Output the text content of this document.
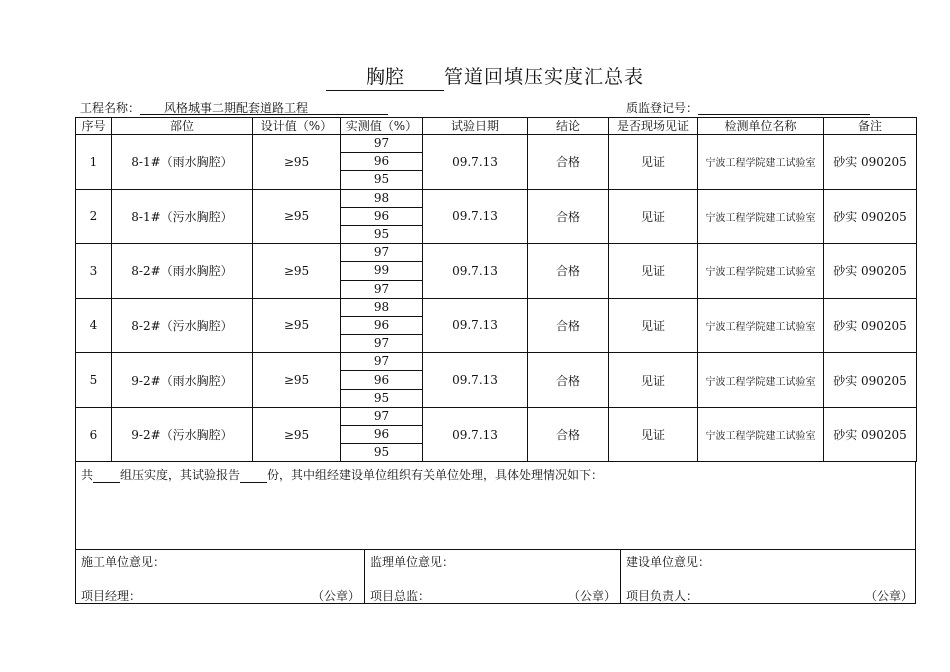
胸腔	管道回填压实度汇总表
工程名称： 风格城事二期配套道路工程	质监登记号：
序号	部位	设计值（%）	实测值（%）	试验日期	结论	是否现场见证	检测单位名称	备注
1	8-1#（雨水胸腔）	≥95	97	09.7.13	合格	见证	宁波工程学院建工试验室	砂实 090205
			96					
			95					
2	8-1#（污水胸腔）	≥95	98	09.7.13	合格	见证	宁波工程学院建工试验室	砂实 090205
			96					
			95					
3	8-2#（雨水胸腔）	≥95	97	09.7.13	合格	见证	宁波工程学院建工试验室	砂实 090205
			99					
			97					
4	8-2#（污水胸腔）	≥95	98	09.7.13	合格	见证	宁波工程学院建工试验室	砂实 090205
			96					
			97					
5	9-2#（雨水胸腔）	≥95	97	09.7.13	合格	见证	宁波工程学院建工试验室	砂实 090205
			96					
			95					
6	9-2#（污水胸腔）	≥95	97	09.7.13	合格	见证	宁波工程学院建工试验室	砂实 090205
			96					
			95					
共 组压实度，其试验报告 份，其中组经建设单位组织有关单位处理，具体处理情况如下：
施工单位意见：
项目经理：	（公章）
监理单位意见：
项目总监：	（公章）
建设单位意见：
项目负责人：	（公章）
